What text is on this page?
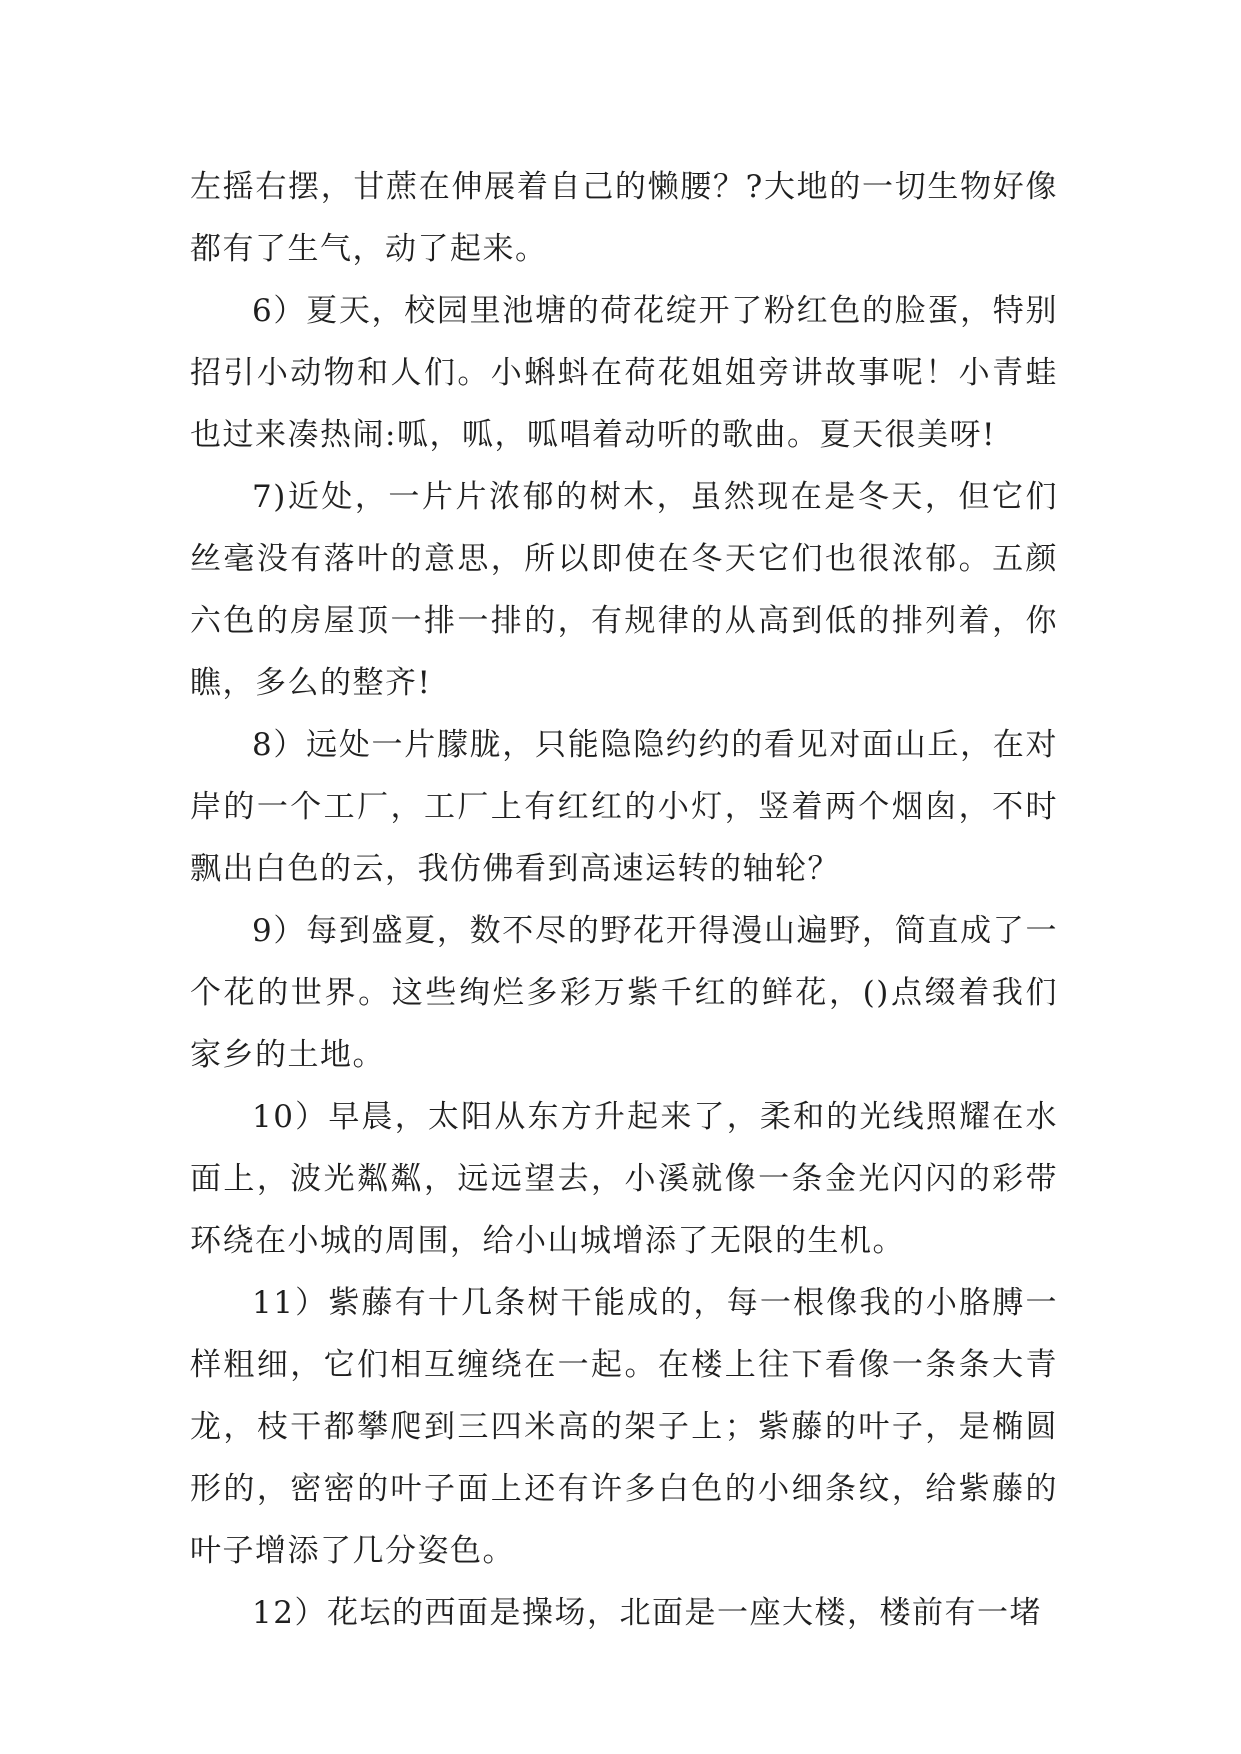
左摇右摆，甘蔗在伸展着自己的懒腰？?大地的一切生物好像都有了生气，动了起来。

6）夏天，校园里池塘的荷花绽开了粉红色的脸蛋，特别招引小动物和人们。小蝌蚪在荷花姐姐旁讲故事呢！小青蛙也过来凑热闹:呱，呱，呱唱着动听的歌曲。夏天很美呀!

7)近处，一片片浓郁的树木，虽然现在是冬天，但它们丝毫没有落叶的意思，所以即使在冬天它们也很浓郁。五颜六色的房屋顶一排一排的，有规律的从高到低的排列着，你瞧，多么的整齐!

8）远处一片朦胧，只能隐隐约约的看见对面山丘，在对岸的一个工厂，工厂上有红红的小灯，竖着两个烟囱，不时飘出白色的云，我仿佛看到高速运转的轴轮？

9）每到盛夏，数不尽的野花开得漫山遍野，简直成了一个花的世界。这些绚烂多彩万紫千红的鲜花，()点缀着我们家乡的土地。

10）早晨，太阳从东方升起来了，柔和的光线照耀在水面上，波光粼粼，远远望去，小溪就像一条金光闪闪的彩带环绕在小城的周围，给小山城增添了无限的生机。

11）紫藤有十几条树干能成的，每一根像我的小胳膊一样粗细，它们相互缠绕在一起。在楼上往下看像一条条大青龙，枝干都攀爬到三四米高的架子上；紫藤的叶子，是椭圆形的，密密的叶子面上还有许多白色的小细条纹，给紫藤的叶子增添了几分姿色。

12）花坛的西面是操场，北面是一座大楼，楼前有一堵
